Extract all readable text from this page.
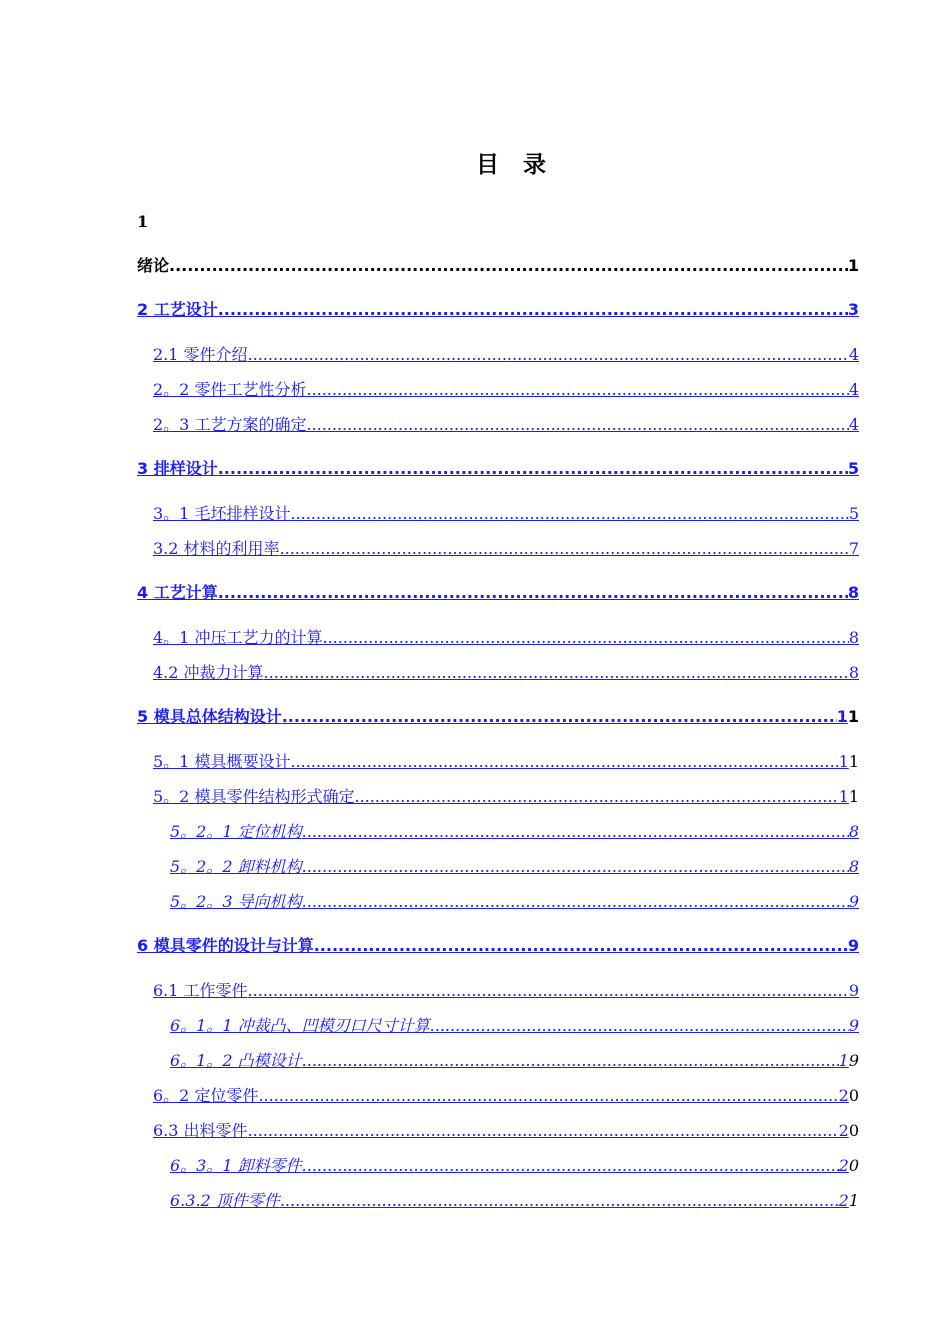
目 录
1
绪论 .....	1
2 工艺设计 .....	3
2.1 零件介绍 .....	4
2。2 零件工艺性分析 .....	4
2。3 工艺方案的确定 .....	4
3 排样设计 .....	5
3。1 毛坯排样设计 .....	5
3.2 材料的利用率 .....	7
4 工艺计算 .....	8
4。1 冲压工艺力的计算 .....	8
4.2 冲裁力计算 .....	8
5 模具总体结构设计 .....	11
5。1 模具概要设计 .....	11
5。2 模具零件结构形式确定 .....	11
5。2。1 定位机构 .....	8
5。2。2 卸料机构 .....	8
5。2。3 导向机构 .....	9
6 模具零件的设计与计算 .....	9
6.1 工作零件 .....	9
6。1。1 冲裁凸、凹模刃口尺寸计算 .....	9
6。1。2 凸模设计 .....	19
6。2 定位零件 .....	20
6.3 出料零件 .....	20
6。3。1 卸料零件 .....	20
6.3.2 顶件零件 .....	21
